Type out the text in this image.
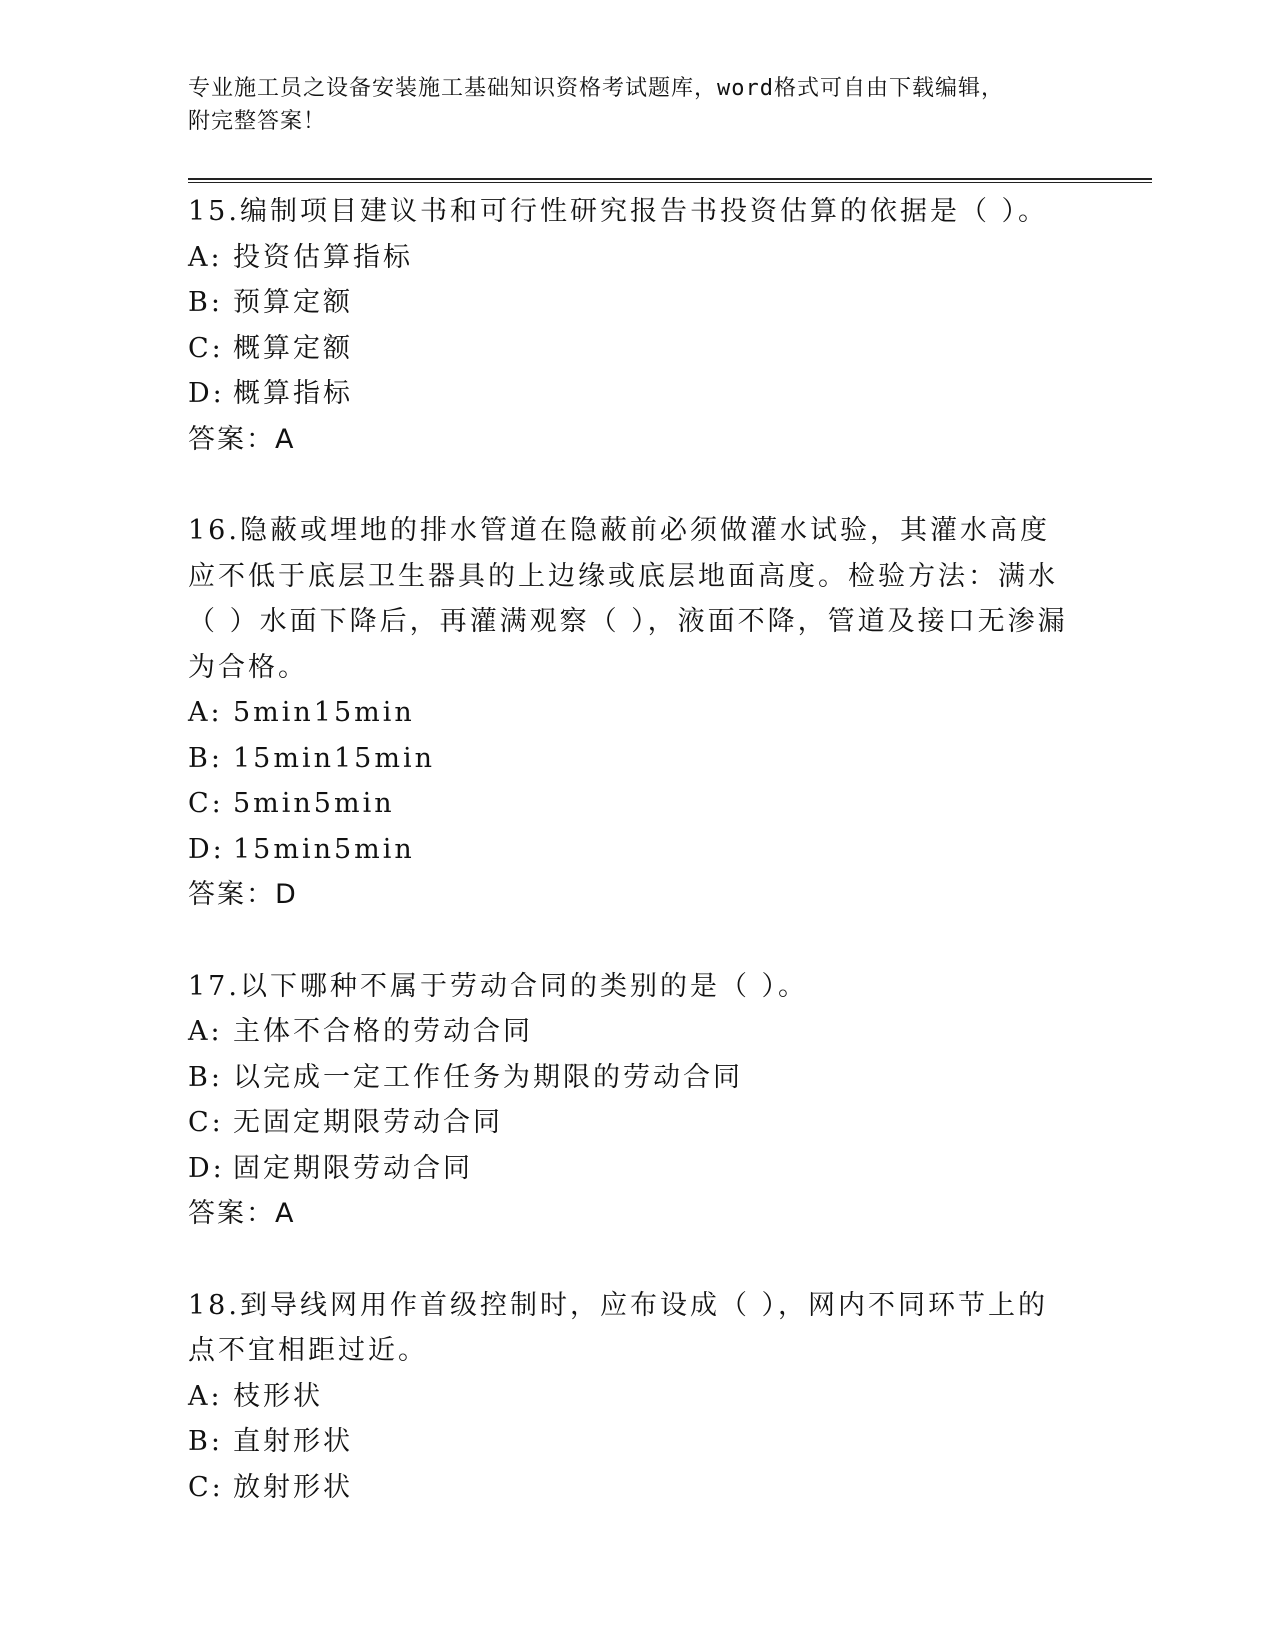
专业施工员之设备安装施工基础知识资格考试题库，word格式可自由下载编辑，
附完整答案！
15.编制项目建议书和可行性研究报告书投资估算的依据是（ ）。
A: 投资估算指标
B: 预算定额
C: 概算定额
D: 概算指标
答案：A
16.隐蔽或埋地的排水管道在隐蔽前必须做灌水试验，其灌水高度应不低于底层卫生器具的上边缘或底层地面高度。检验方法：满水（ ）水面下降后，再灌满观察（ ），液面不降，管道及接口无渗漏为合格。
A: 5min15min
B: 15min15min
C: 5min5min
D: 15min5min
答案：D
17.以下哪种不属于劳动合同的类别的是（ ）。
A: 主体不合格的劳动合同
B: 以完成一定工作任务为期限的劳动合同
C: 无固定期限劳动合同
D: 固定期限劳动合同
答案：A
18.到导线网用作首级控制时，应布设成（ ），网内不同环节上的点不宜相距过近。
A: 枝形状
B: 直射形状
C: 放射形状
